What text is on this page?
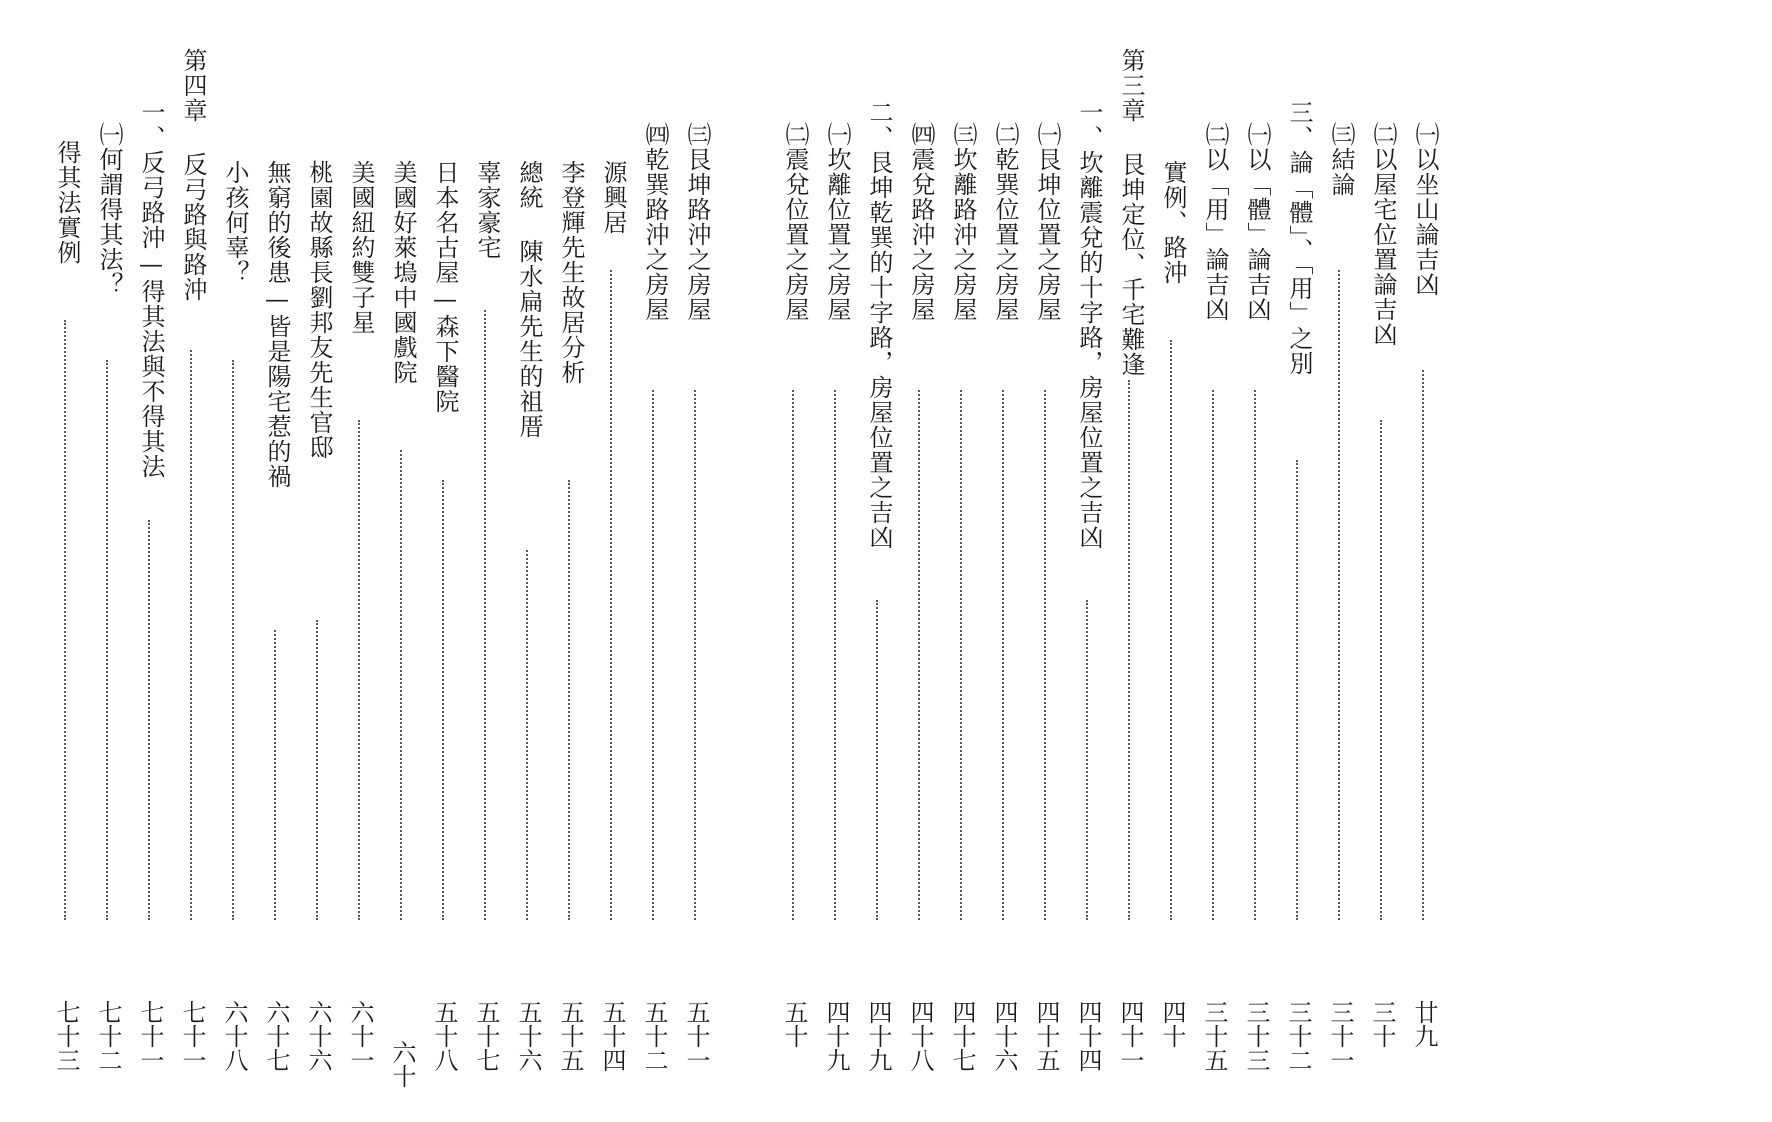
㈠以坐山論吉凶
廿九
㈡以屋宅位置論吉凶
三十
㈢結論
三十一
三、論「體」、「用」之別
三十二
㈠以「體」論吉凶
三十三
㈡以「用」論吉凶
三十五
實例、路沖
四十
第三章 艮坤定位、千宅難逢
四十一
一、坎離震兌的十字路，房屋位置之吉凶
四十四
㈠艮坤位置之房屋
四十五
㈡乾巽位置之房屋
四十六
㈢坎離路沖之房屋
四十七
㈣震兌路沖之房屋
四十八
二、艮坤乾巽的十字路，房屋位置之吉凶
四十九
㈠坎離位置之房屋
四十九
㈡震兌位置之房屋
五十
㈢艮坤路沖之房屋
五十一
㈣乾巽路沖之房屋
五十二
源興居
五十四
李登輝先生故居分析
五十五
總統 陳水扁先生的祖厝
五十六
辜家豪宅
五十七
日本名古屋—森下醫院
五十八
美國好萊塢中國戲院
六十
美國紐約雙子星
六十一
桃園故縣長劉邦友先生官邸
六十六
無窮的後患—皆是陽宅惹的禍
六十七
小孩何辜？
六十八
第四章 反弓路與路沖
七十一
一、反弓路沖—得其法與不得其法
七十一
㈠何謂得其法？
七十二
得其法實例
七十三
